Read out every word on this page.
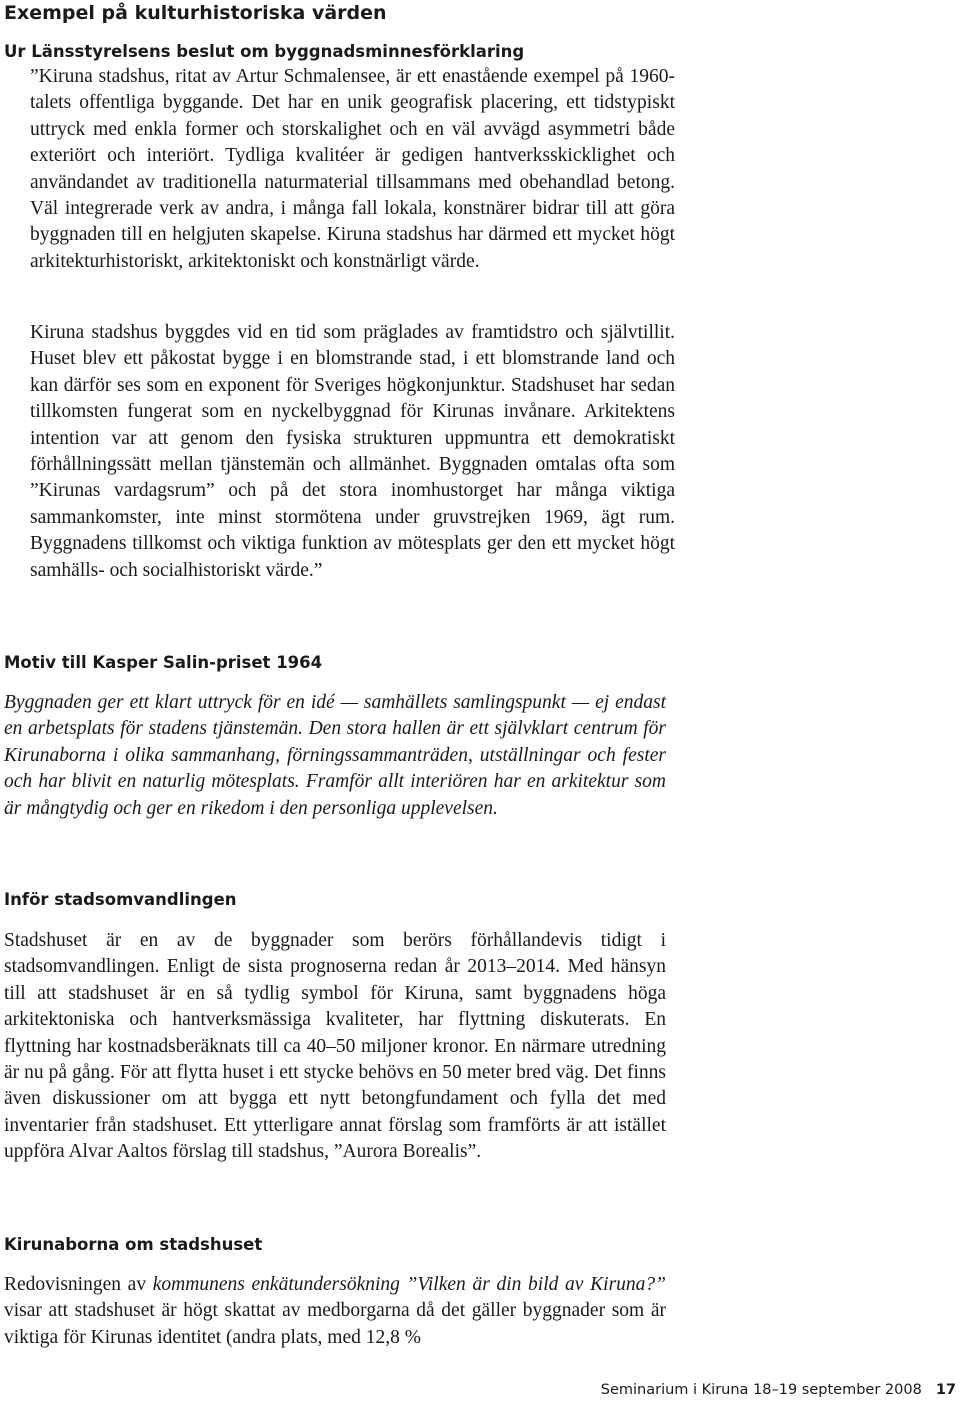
Exempel på kulturhistoriska värden
Ur Länsstyrelsens beslut om byggnadsminnesförklaring

”Kiruna stadshus, ritat av Artur Schmalensee, är ett enastående exempel på 1960-talets offentliga byggande. Det har en unik geografisk placering, ett tidstypiskt uttryck med enkla former och storskalighet och en väl avvägd asymmetri både exteriört och interiört. Tydliga kvalitéer är gedigen hantverksskicklighet och användandet av traditionella naturmaterial tillsammans med obehandlad betong. Väl integrerade verk av andra, i många fall lokala, konstnärer bidrar till att göra byggnaden till en helgjuten skapelse. Kiruna stadshus har därmed ett mycket högt arkitekturhistoriskt, arkitektoniskt och konstnärligt värde.

Kiruna stadshus byggdes vid en tid som präglades av framtidstro och självtillit. Huset blev ett påkostat bygge i en blomstrande stad, i ett blomstrande land och kan därför ses som en exponent för Sveriges högkonjunktur. Stadshuset har sedan tillkomsten fungerat som en nyckelbyggnad för Kirunas invånare. Arkitektens intention var att genom den fysiska strukturen uppmuntra ett demokratiskt förhållningssätt mellan tjänstemän och allmänhet. Byggnaden omtalas ofta som ”Kirunas vardagsrum” och på det stora inomhustorget har många viktiga sammankomster, inte minst stormötena under gruvstrejken 1969, ägt rum. Byggnadens tillkomst och viktiga funktion av mötesplats ger den ett mycket högt samhälls- och socialhistoriskt värde.”

Motiv till Kasper Salin-priset 1964

Byggnaden ger ett klart uttryck för en idé — samhällets samlingspunkt — ej endast en arbetsplats för stadens tjänstemän. Den stora hallen är ett självklart centrum för Kirunaborna i olika sammanhang, förningssammanträden, utställningar och fester och har blivit en naturlig mötesplats. Framför allt interiören har en arkitektur som är mångtydig och ger en rikedom i den personliga upplevelsen.

Inför stadsomvandlingen

Stadshuset är en av de byggnader som berörs förhållandevis tidigt i stadsomvandlingen. Enligt de sista prognoserna redan år 2013–2014. Med hänsyn till att stadshuset är en så tydlig symbol för Kiruna, samt byggnadens höga arkitektoniska och hantverksmässiga kvaliteter, har flyttning diskuterats. En flyttning har kostnadsberäknats till ca 40–50 miljoner kronor. En närmare utredning är nu på gång. För att flytta huset i ett stycke behövs en 50 meter bred väg. Det finns även diskussioner om att bygga ett nytt betongfundament och fylla det med inventarier från stadshuset. Ett ytterligare annat förslag som framförts är att istället uppföra Alvar Aaltos förslag till stadshus, ”Aurora Borealis”.

Kirunaborna om stadshuset

Redovisningen av kommunens enkätundersökning ”Vilken är din bild av Kiruna?” visar att stadshuset är högt skattat av medborgarna då det gäller byggnader som är viktiga för Kirunas identitet (andra plats, med 12,8 %

Seminarium i Kiruna 18–19 september 2008 17
